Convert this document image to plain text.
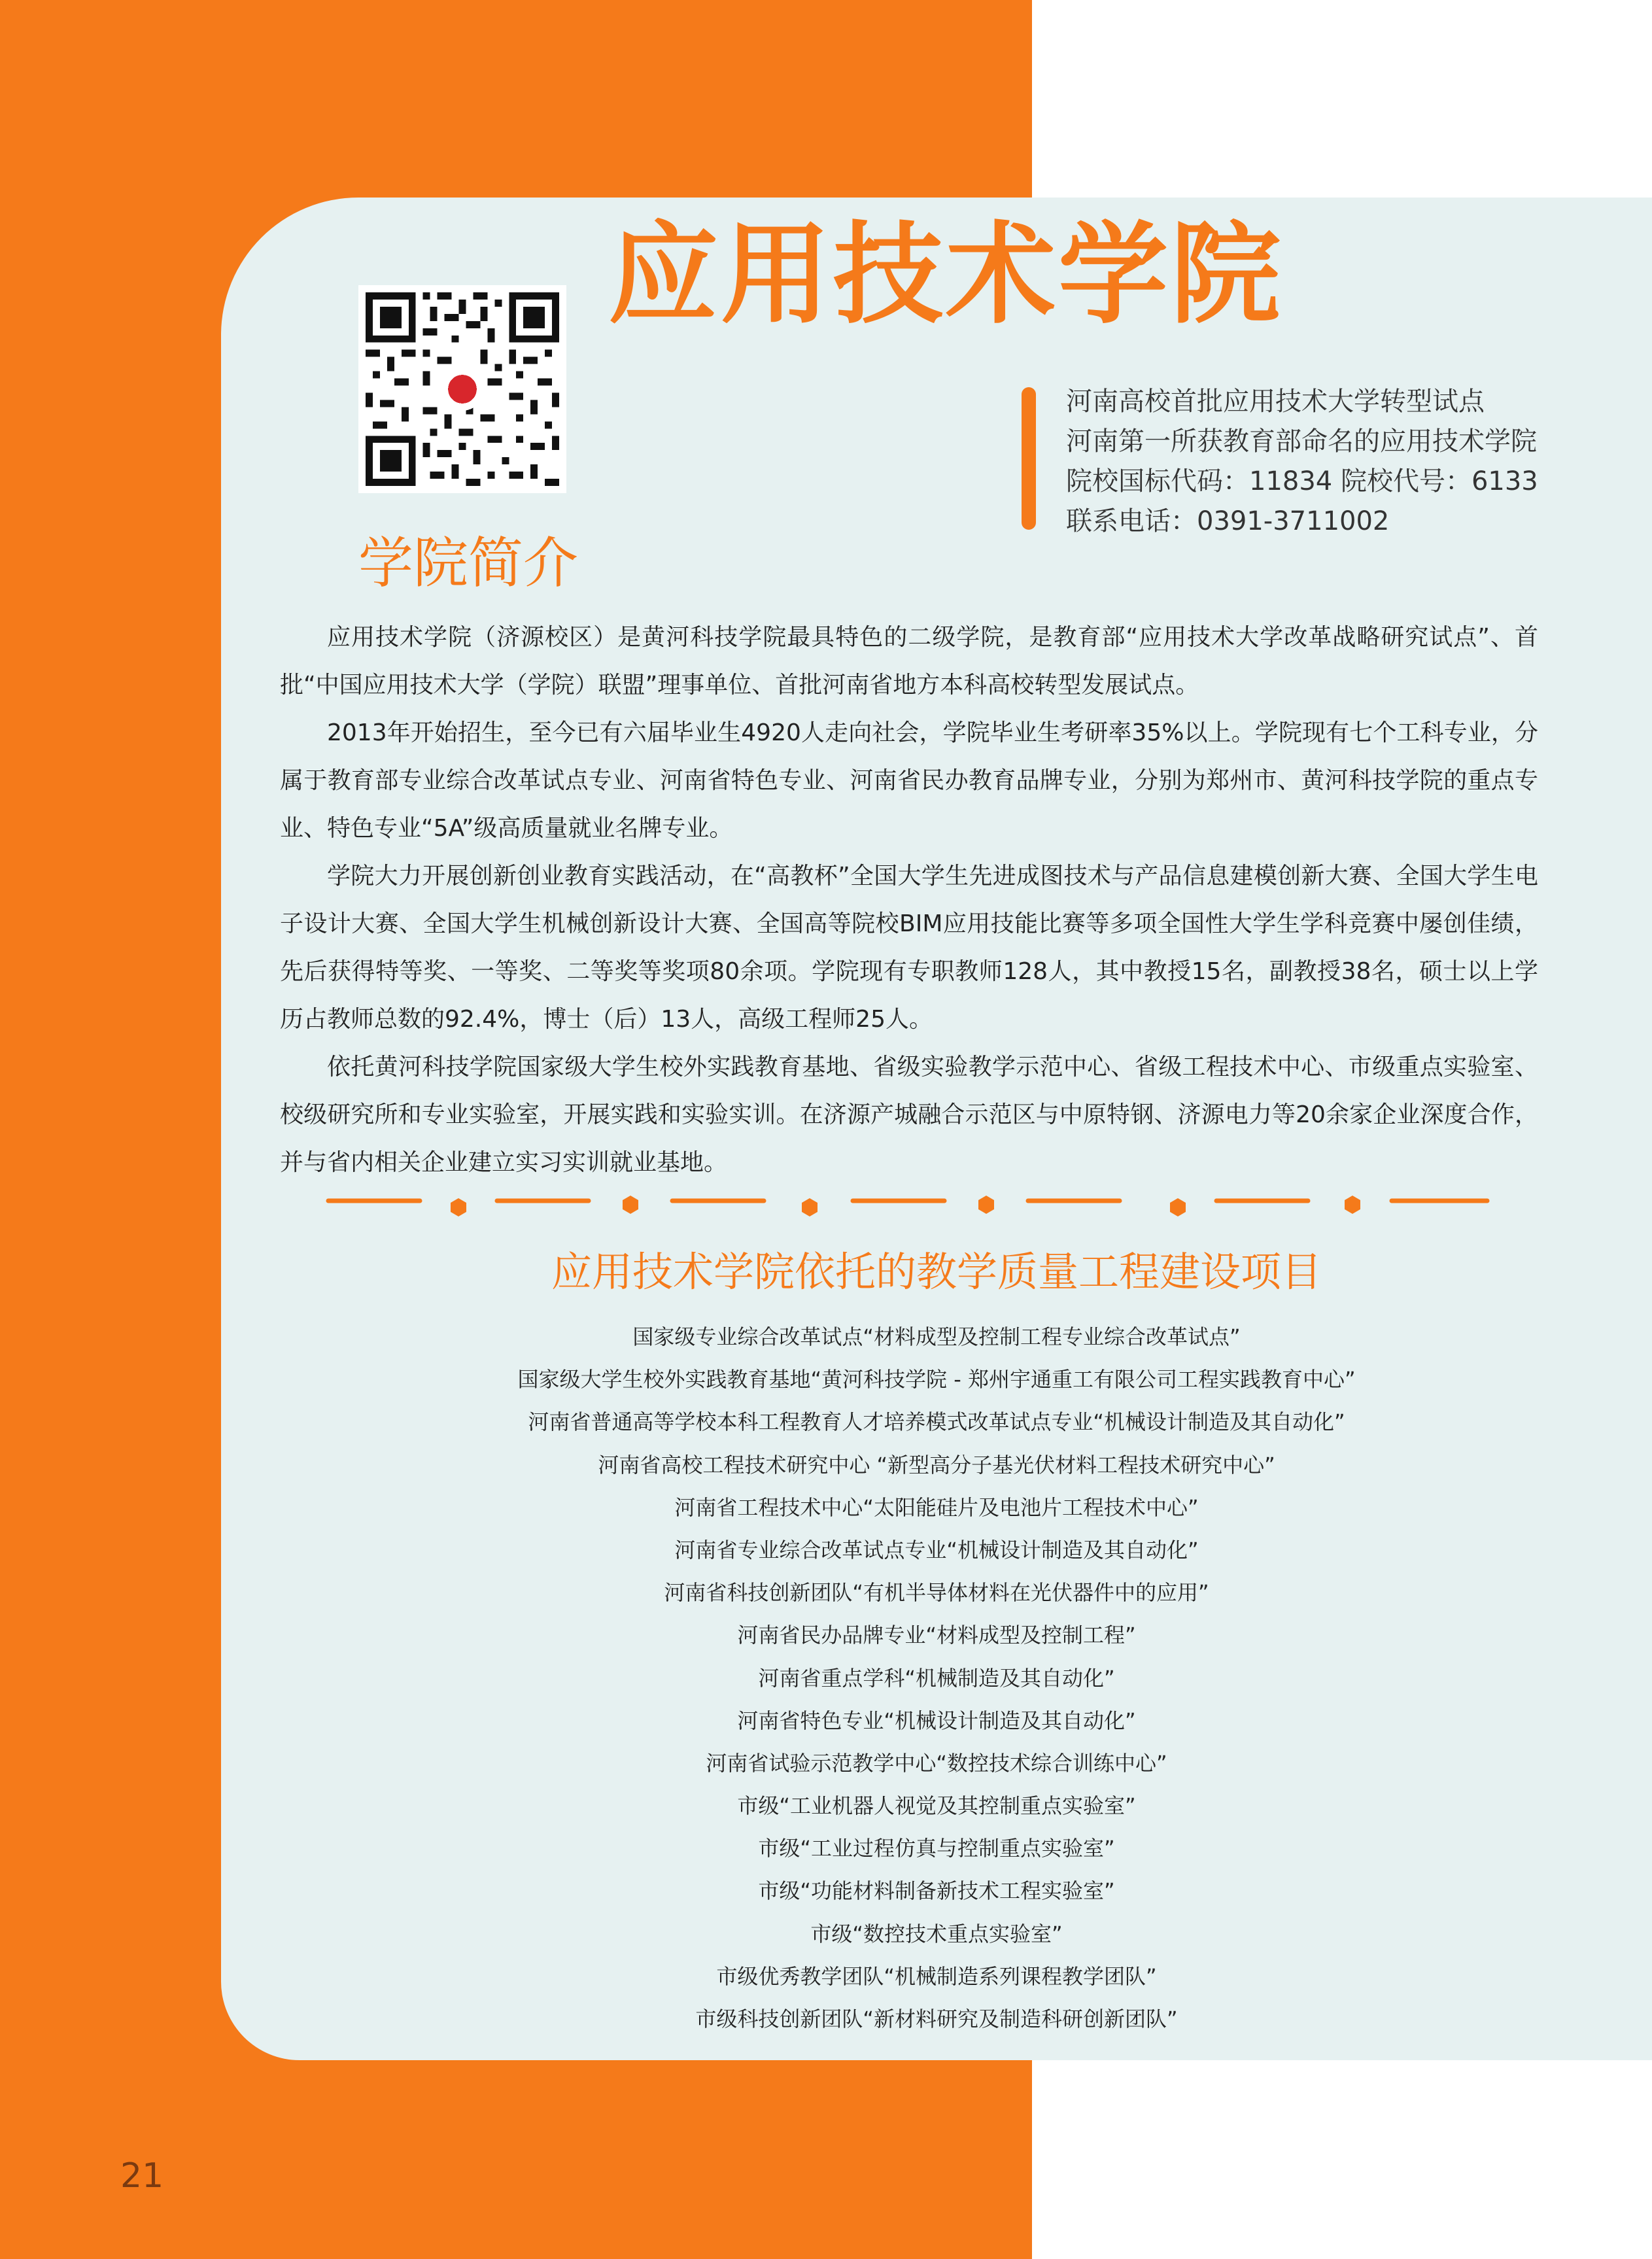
应用技术学院
河南高校首批应用技术大学转型试点
河南第一所获教育部命名的应用技术学院
院校国标代码：11834 院校代号：6133
联系电话：0391-3711002
学院简介

应用技术学院（济源校区）是黄河科技学院最具特色的二级学院，是教育部“应用技术大学改革战略研究试点”、首批“中国应用技术大学（学院）联盟”理事单位、首批河南省地方本科高校转型发展试点。

2013年开始招生，至今已有六届毕业生4920人走向社会，学院毕业生考研率35%以上。学院现有七个工科专业，分属于教育部专业综合改革试点专业、河南省特色专业、河南省民办教育品牌专业，分别为郑州市、黄河科技学院的重点专业、特色专业“5A”级高质量就业名牌专业。

学院大力开展创新创业教育实践活动，在“高教杯”全国大学生先进成图技术与产品信息建模创新大赛、全国大学生电子设计大赛、全国大学生机械创新设计大赛、全国高等院校BIM应用技能比赛等多项全国性大学生学科竞赛中屡创佳绩，先后获得特等奖、一等奖、二等奖等奖项80余项。学院现有专职教师128人，其中教授15名，副教授38名，硕士以上学历占教师总数的92.4%，博士（后）13人，高级工程师25人。

依托黄河科技学院国家级大学生校外实践教育基地、省级实验教学示范中心、省级工程技术中心、市级重点实验室、校级研究所和专业实验室，开展实践和实验实训。在济源产城融合示范区与中原特钢、济源电力等20余家企业深度合作，并与省内相关企业建立实习实训就业基地。

应用技术学院依托的教学质量工程建设项目
国家级专业综合改革试点“材料成型及控制工程专业综合改革试点”
国家级大学生校外实践教育基地“黄河科技学院 - 郑州宇通重工有限公司工程实践教育中心”
河南省普通高等学校本科工程教育人才培养模式改革试点专业“机械设计制造及其自动化”
河南省高校工程技术研究中心 “新型高分子基光伏材料工程技术研究中心”
河南省工程技术中心“太阳能硅片及电池片工程技术中心”
河南省专业综合改革试点专业“机械设计制造及其自动化”
河南省科技创新团队“有机半导体材料在光伏器件中的应用”
河南省民办品牌专业“材料成型及控制工程”
河南省重点学科“机械制造及其自动化”
河南省特色专业“机械设计制造及其自动化”
河南省试验示范教学中心“数控技术综合训练中心”
市级“工业机器人视觉及其控制重点实验室”
市级“工业过程仿真与控制重点实验室”
市级“功能材料制备新技术工程实验室”
市级“数控技术重点实验室”
市级优秀教学团队“机械制造系列课程教学团队”
市级科技创新团队“新材料研究及制造科研创新团队”
21
